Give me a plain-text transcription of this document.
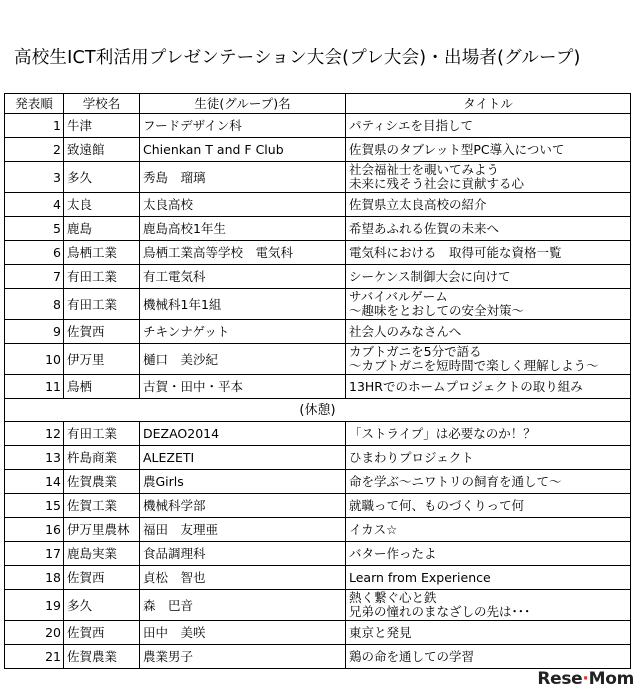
高校生ICT利活用プレゼンテーション大会(プレ大会)・出場者(グループ)
発表順	学校名	生徒(グループ)名	タイトル
1	牛津	フードデザイン科	パティシエを目指して

2	致遠館	Chienkan T and F Club	佐賀県のタブレット型PC導入について

3	多久	秀島　瑠璃	社会福祉士を覗いてみよう
未来に残そう社会に貢献する心

4	太良	太良高校	佐賀県立太良高校の紹介

5	鹿島	鹿島高校1年生	希望あふれる佐賀の未来へ

6	鳥栖工業	鳥栖工業高等学校　電気科	電気科における　取得可能な資格一覧

7	有田工業	有工電気科	シーケンス制御大会に向けて

8	有田工業	機械科1年1組	サバイバルゲーム
～趣味をとおしての安全対策～

9	佐賀西	チキンナゲット	社会人のみなさんへ

10	伊万里	樋口　美沙紀	カブトガニを5分で語る
～カブトガニを短時間で楽しく理解しよう～

11	鳥栖	古賀・田中・平本	13HRでのホームプロジェクトの取り組み

(休憩)			
12	有田工業	DEZAO2014	「ストライプ」は必要なのか！？

13	杵島商業	ALEZETI	ひまわりプロジェクト

14	佐賀農業	農Girls	命を学ぶ～ニワトリの飼育を通して～

15	佐賀工業	機械科学部	就職って何、ものづくりって何

16	伊万里農林	福田　友理亜	イカス☆

17	鹿島実業	食品調理科	バター作ったよ

18	佐賀西	貞松　智也	Learn from Experience

19	多久	森　巴音	熱く繋ぐ心と鉄
兄弟の憧れのまなざしの先は･･･

20	佐賀西	田中　美咲	東京と発見

21	佐賀農業	農業男子	鶏の命を通しての学習
Rese·Mom
